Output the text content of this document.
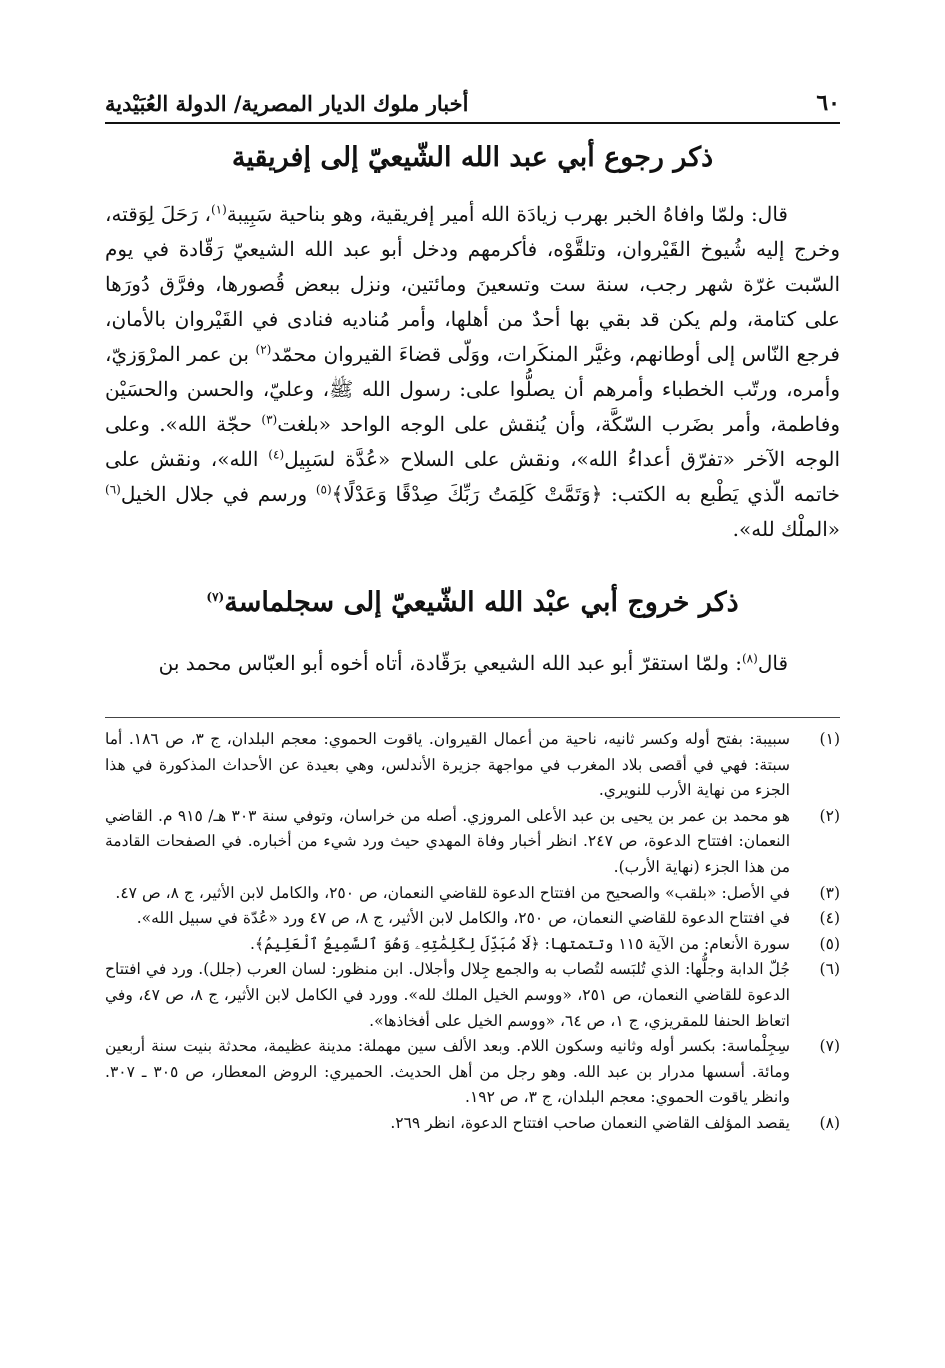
٦٠
أخبار ملوك الديار المصرية/ الدولة العُبَيْدية
ذكر رجوع أبي عبد الله الشّيعيّ إلى إفريقية

قال: ولمّا وافاهُ الخبر بهرب زيادَة الله أمير إفريقية، وهو بناحية سَبِيبة$^{(١)}$، رَحَلَ لِوَقته، وخرج إليه شُيوخ القَيْروان، وتلقَّوْه، فأكرمهم ودخل أبو عبد الله الشيعيّ رَقّادة في يوم السّبت غرّة شهر رجب، سنة ست وتسعينَ ومائتين، ونزل ببعض قُصورها، وفرَّق دُورَها على كتامة، ولم يكن قد بقي بها أحدٌ من أهلها، وأمر مُناديه فنادى في القَيْروان بالأمان، فرجع النّاس إلى أوطانهم، وغيَّر المنكَرات، ووَلّى قضاءَ القيروان محمّد$^{(٢)}$ بن عمر المرْوَزيّ، وأمره، ورتّب الخطباء وأمرهم أن يصلُّوا على: رسول الله ﷺ، وعليّ، والحسن والحسَيْن وفاطمة، وأمر بضَرب السّكَّة، وأن يُنقش على الوجه الواحد «بلغت$^{(٣)}$ حجّة الله». وعلى الوجه الآخر «تفرّق أعداءُ الله»، ونقش على السلاح «عُدَّة لسَبِيل$^{(٤)}$ الله»، ونقش على خاتمه الّذي يَطْبع به الكتب: ﴿وَتَمَّتْ كَلِمَتُ رَبِّكَ صِدْقًا وَعَدْلًا﴾$^{(٥)}$ ورسم في جلال الخيل$^{(٦)}$ «الملْك لله».

ذكر خروج أبي عبْد الله الشّيعيّ إلى سجلماسة$^{(٧)}$

قال$^{(٨)}$: ولمّا استقرّ أبو عبد الله الشيعي برَقّادة، أتاه أخوه أبو العبّاس محمد بن

(١)
سبيبة: بفتح أوله وكسر ثانيه، ناحية من أعمال القيروان. ياقوت الحموي: معجم البلدان، ج ٣، ص ١٨٦. أما سبتة: فهي في أقصى بلاد المغرب في مواجهة جزيرة الأندلس، وهي بعيدة عن الأحداث المذكورة في هذا الجزء من نهاية الأرب للنويري.
(٢)
هو محمد بن عمر بن يحيى بن عبد الأعلى المروزي. أصله من خراسان، وتوفي سنة ٣٠٣ هـ/ ٩١٥ م. القاضي النعمان: افتتاح الدعوة، ص ٢٤٧. انظر أخبار وفاة المهدي حيث ورد شيء من أخباره. في الصفحات القادمة من هذا الجزء (نهاية الأرب).
(٣)
في الأصل: «بلقب» والصحيح من افتتاح الدعوة للقاضي النعمان، ص ٢٥٠، والكامل لابن الأثير، ج ٨، ص ٤٧.
(٤)
في افتتاح الدعوة للقاضي النعمان، ص ٢٥٠، والكامل لابن الأثير، ج ٨، ص ٤٧ ورد «عُدّة في سبيل الله».
(٥)
سورة الأنعام: من الآية ١١٥ وتتمتها: ﴿لَا مُبَدِّلَ لِكَلِمَٰتِهِۦ وَهُوَ ٱلسَّمِيعُ ٱلْعَلِيمُ﴾.
(٦)
جُلّ الدابة وجلُّها: الذي تُلبَسه لتُصاب به والجمع جِلال وأجلال. ابن منظور: لسان العرب (جلل). ورد في افتتاح الدعوة للقاضي النعمان، ص ٢٥١، «ووسم الخيل الملك لله». وورد في الكامل لابن الأثير، ج ٨، ص ٤٧، وفي اتعاظ الحنفا للمقريزي، ج ١، ص ٦٤، «ووسم الخيل على أفخاذها».
(٧)
سِجِلْماسة: بكسر أوله وثانيه وسكون اللام. وبعد الألف سين مهملة: مدينة عظيمة، محدثة بنيت سنة أربعين ومائة. أسسها مدرار بن عبد الله. وهو رجل من أهل الحديث. الحميري: الروض المعطار، ص ٣٠٥ ـ ٣٠٧. وانظر ياقوت الحموي: معجم البلدان، ج ٣، ص ١٩٢.
(٨)
يقصد المؤلف القاضي النعمان صاحب افتتاح الدعوة، انظر ٢٦٩.
